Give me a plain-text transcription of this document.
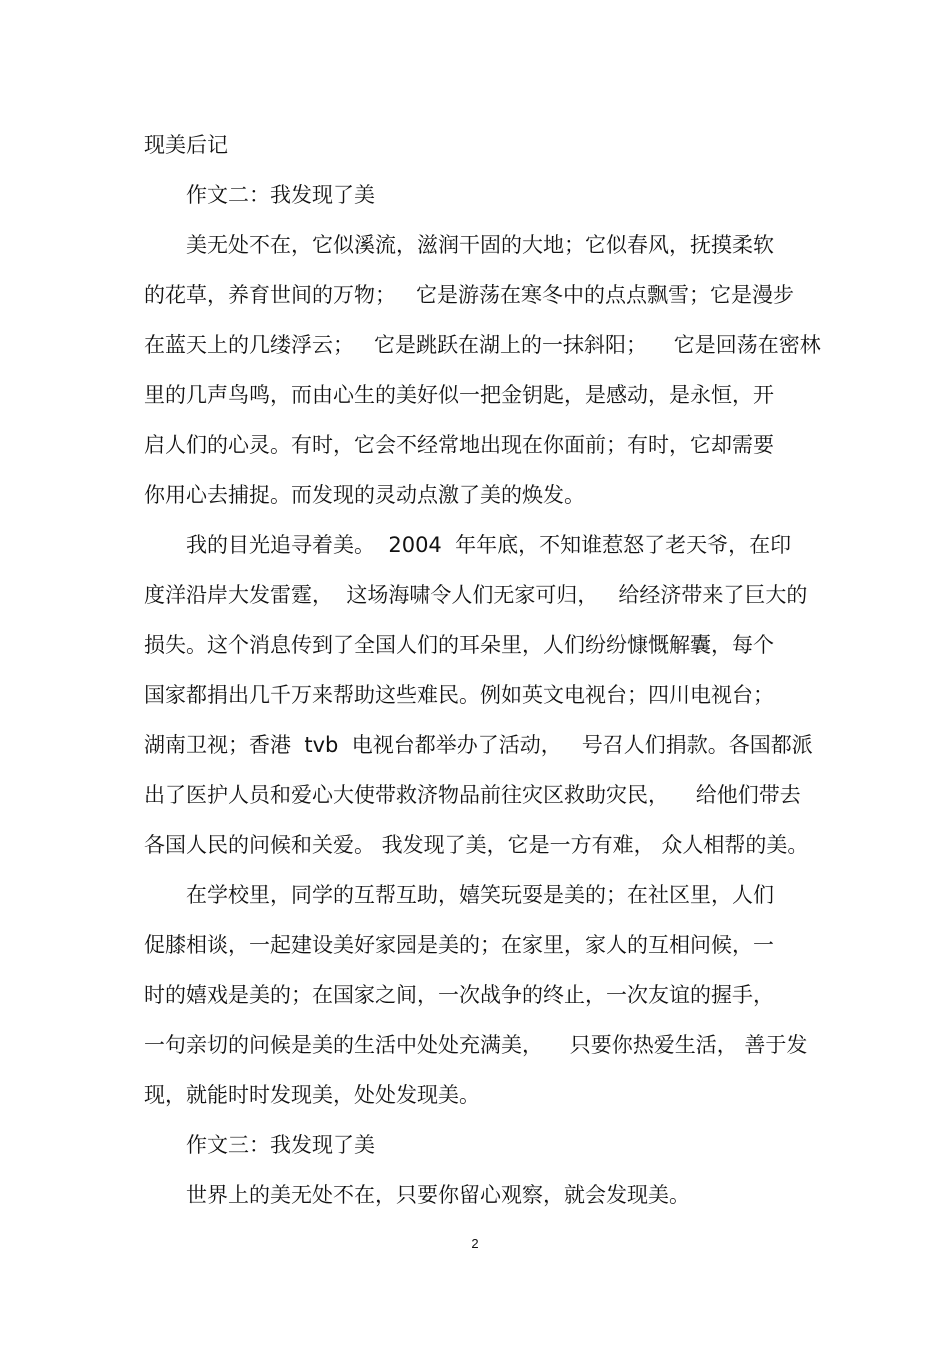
现美后记
作文二：我发现了美
美无处不在，它似溪流，滋润干固的大地；它似春风，抚摸柔软
的花草，养育世间的万物；   它是游荡在寒冬中的点点飘雪；它是漫步
在蓝天上的几缕浮云；   它是跳跃在湖上的一抹斜阳；    它是回荡在密林
里的几声鸟鸣，而由心生的美好似一把金钥匙，是感动，是永恒，开
启人们的心灵。有时，它会不经常地出现在你面前；有时，它却需要
你用心去捕捉。而发现的灵动点激了美的焕发。
我的目光追寻着美。  2004  年年底，不知谁惹怒了老天爷，在印
度洋沿岸大发雷霆，  这场海啸令人们无家可归，   给经济带来了巨大的
损失。这个消息传到了全国人们的耳朵里，人们纷纷慷慨解囊，每个
国家都捐出几千万来帮助这些难民。例如英文电视台；四川电视台；
湖南卫视；香港  tvb  电视台都举办了活动，   号召人们捐款。各国都派
出了医护人员和爱心大使带救济物品前往灾区救助灾民，    给他们带去
各国人民的问候和关爱。 我发现了美，它是一方有难， 众人相帮的美。
在学校里，同学的互帮互助，嬉笑玩耍是美的；在社区里，人们
促膝相谈，一起建设美好家园是美的；在家里，家人的互相问候，一
时的嬉戏是美的；在国家之间，一次战争的终止，一次友谊的握手，
一句亲切的问候是美的生活中处处充满美，    只要你热爱生活， 善于发
现，就能时时发现美，处处发现美。
作文三：我发现了美
世界上的美无处不在，只要你留心观察，就会发现美。
2
